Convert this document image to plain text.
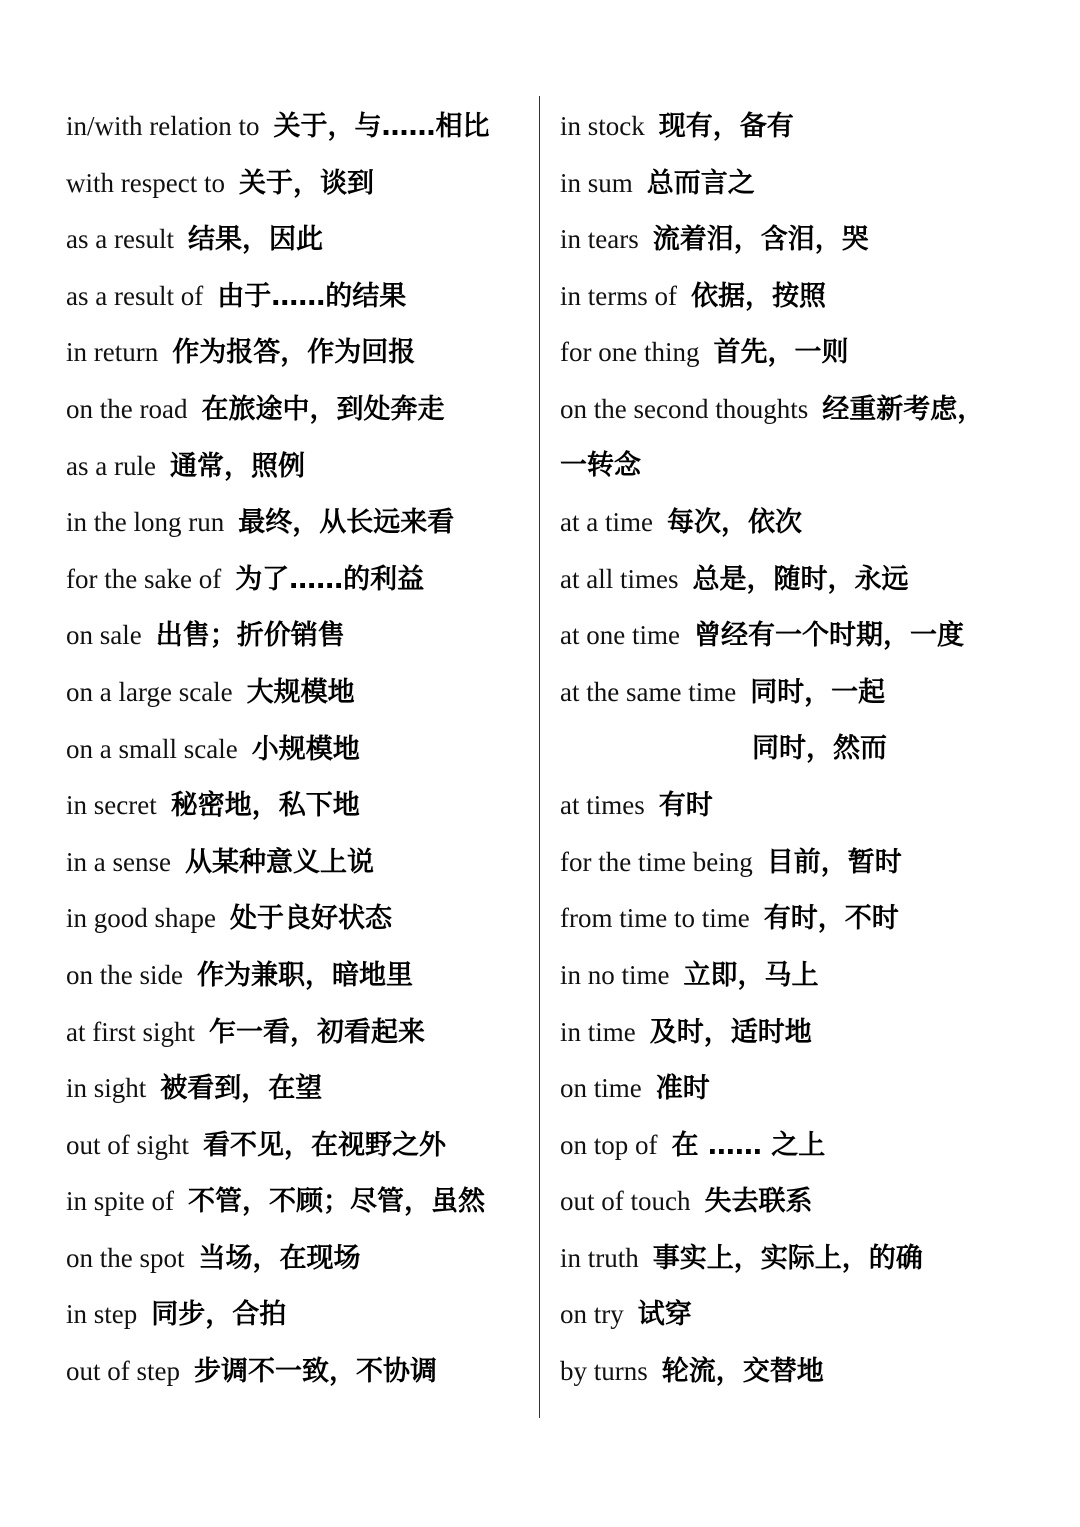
in/with relation to 关于，与……相比
with respect to 关于，谈到
as a result 结果，因此
as a result of 由于……的结果
in return 作为报答，作为回报
on the road 在旅途中，到处奔走
as a rule 通常，照例
in the long run 最终，从长远来看
for the sake of 为了……的利益
on sale 出售；折价销售
on a large scale 大规模地
on a small scale 小规模地
in secret 秘密地，私下地
in a sense 从某种意义上说
in good shape 处于良好状态
on the side 作为兼职，暗地里
at first sight 乍一看，初看起来
in sight 被看到，在望
out of sight 看不见，在视野之外
in spite of 不管，不顾；尽管，虽然
on the spot 当场，在现场
in step 同步，合拍
out of step 步调不一致，不协调
in stock 现有，备有
in sum 总而言之
in tears 流着泪，含泪，哭
in terms of 依据，按照
for one thing 首先，一则
on the second thoughts 经重新考虑，
一转念
at a time 每次，依次
at all times 总是，随时，永远
at one time 曾经有一个时期，一度
at the same time 同时，一起
同时，然而
at times 有时
for the time being 目前，暂时
from time to time 有时，不时
in no time 立即，马上
in time 及时，适时地
on time 准时
on top of 在 …… 之上
out of touch 失去联系
in truth 事实上，实际上，的确
on try 试穿
by turns 轮流，交替地
